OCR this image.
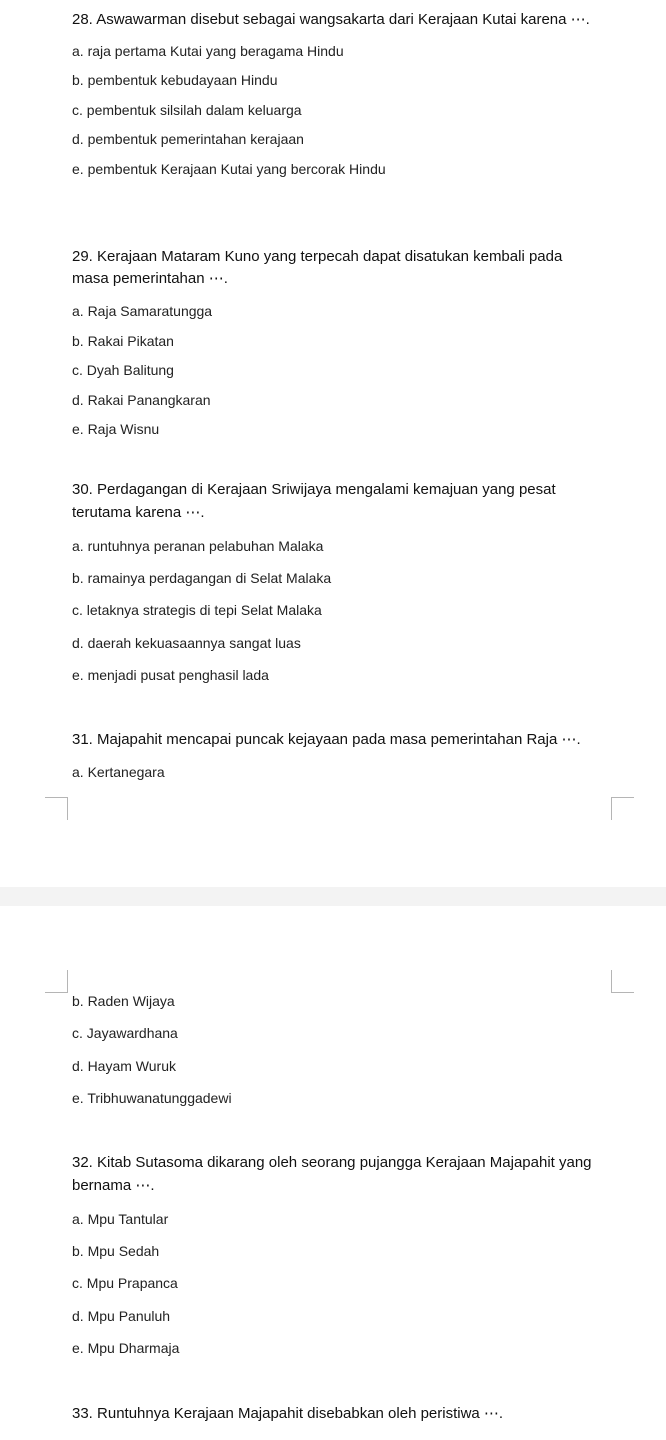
28. Aswawarman disebut sebagai wangsakarta dari Kerajaan Kutai karena ⋯.
a. raja pertama Kutai yang beragama Hindu
b. pembentuk kebudayaan Hindu
c. pembentuk silsilah dalam keluarga
d. pembentuk pemerintahan kerajaan
e. pembentuk Kerajaan Kutai yang bercorak Hindu
29. Kerajaan Mataram Kuno yang terpecah dapat disatukan kembali pada
masa pemerintahan ⋯.
a. Raja Samaratungga
b. Rakai Pikatan
c. Dyah Balitung
d. Rakai Panangkaran
e. Raja Wisnu
30. Perdagangan di Kerajaan Sriwijaya mengalami kemajuan yang pesat
terutama karena ⋯.
a. runtuhnya peranan pelabuhan Malaka
b. ramainya perdagangan di Selat Malaka
c. letaknya strategis di tepi Selat Malaka
d. daerah kekuasaannya sangat luas
e. menjadi pusat penghasil lada
31. Majapahit mencapai puncak kejayaan pada masa pemerintahan Raja ⋯.
a. Kertanegara
b. Raden Wijaya
c. Jayawardhana
d. Hayam Wuruk
e. Tribhuwanatunggadewi
32. Kitab Sutasoma dikarang oleh seorang pujangga Kerajaan Majapahit yang
bernama ⋯.
a. Mpu Tantular
b. Mpu Sedah
c. Mpu Prapanca
d. Mpu Panuluh
e. Mpu Dharmaja
33. Runtuhnya Kerajaan Majapahit disebabkan oleh peristiwa ⋯.
